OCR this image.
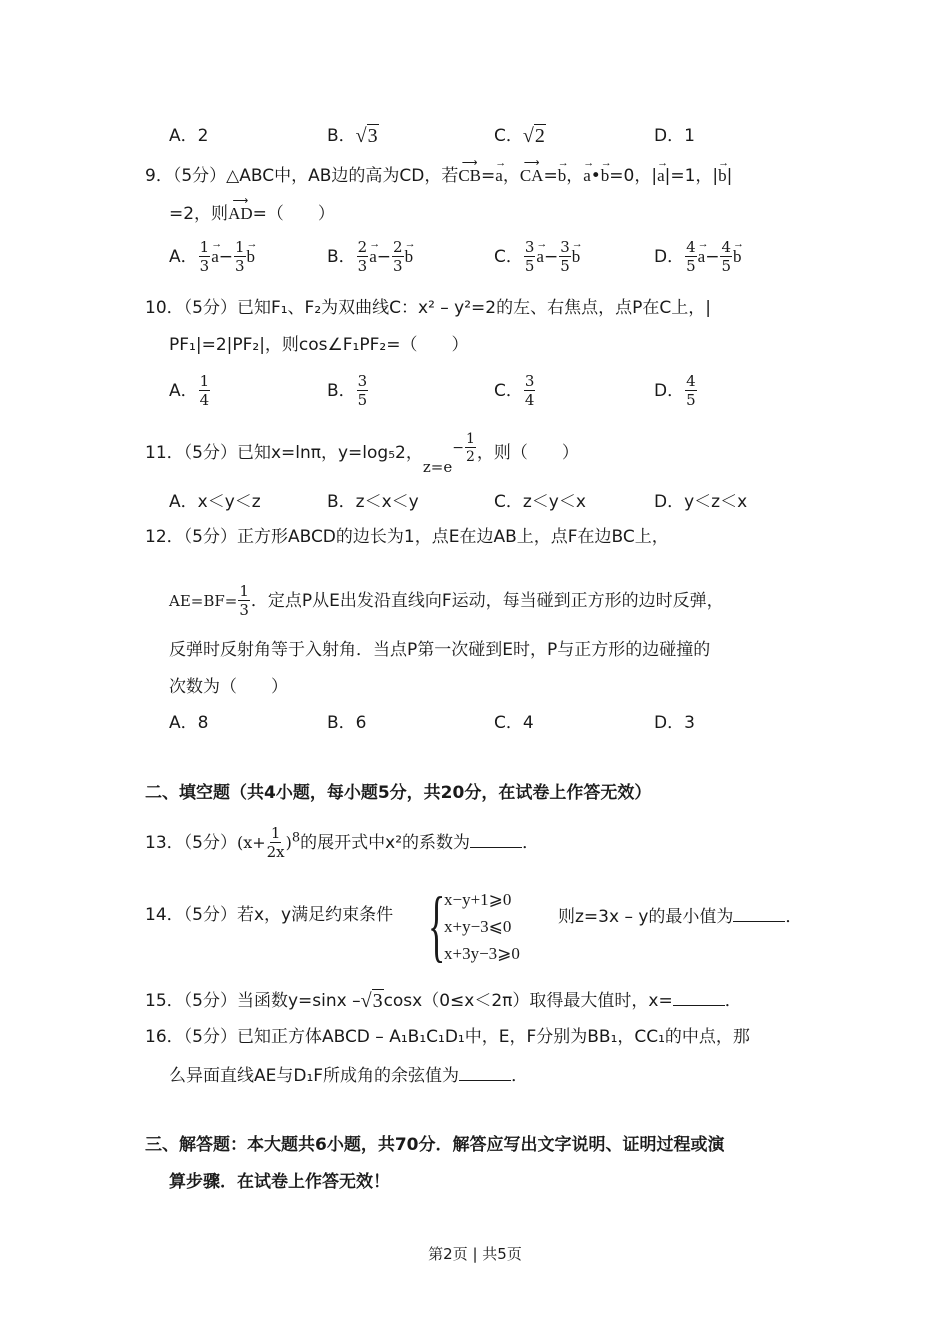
A．2	B．√ 3	C．√ 2	D．1
9．（5分）△ABC中，AB边的高为CD，若
⟶
CB=
→
a，
⟶
CA=
→
b，
→
a•
→
b=0，|
→
a|=1，|
→
b|
=2，则
⟶
AD=（　　）
A． $\frac{1}{3}$ →
$a- \frac{1}{3}$ →
b	B． $\frac{2}{3}$ →
$a- \frac{2}{3}$ →
b	C． $\frac{3}{5}$ →
$a- \frac{3}{5}$ →
b	D． $\frac{4}{5}$ →
$a- \frac{4}{5}$ →
b
10．（5分）已知F₁、F₂为双曲线C：x² – y²=2的左、右焦点，点P在C上，|
PF₁|=2|PF₂|，则cos∠F₁PF₂=（　　）
A． $\frac{1}{4}$	B． $\frac{3}{5}$	C． $\frac{3}{4}$	D． $\frac{4}{5}$
11．（5分）已知x=lnπ，y=log₅2，z=e
− $\frac{1}{2}$ ，则（　　）
A．x＜y＜z	B．z＜x＜y	C．z＜y＜x	D．y＜z＜x
12．（5分）正方形ABCD的边长为1，点E在边AB上，点F在边BC上，
$AE=BF= \frac{1}{3}$ ．定点P从E出发沿直线向F运动，每当碰到正方形的边时反弹，
反弹时反射角等于入射角．当点P第一次碰到E时，P与正方形的边碰撞的
次数为（　　）
A．8	B．6	C．4	D．3
二、填空题（共4小题，每小题5分，共20分，在试卷上作答无效）
13．（5分）$(x+ \frac{1}{2x} )^8$的展开式中x²的系数为	．
14．（5分）若x，y满足约束条件 {
x−y+1⩾0
x+y−3⩽0
x+3y−3⩾0
则z=3x – y的最小值为	．
15．（5分）当函数y=sinx –√ 3 cosx（0≤x＜2π）取得最大值时，x=	．
16．（5分）已知正方体ABCD – A₁B₁C₁D₁中，E，F分别为BB₁，CC₁的中点，那
么异面直线AE与D₁F所成角的余弦值为	．
三、解答题：本大题共6小题，共70分．解答应写出文字说明、证明过程或演
算步骤．在试卷上作答无效！
第2页 | 共5页
